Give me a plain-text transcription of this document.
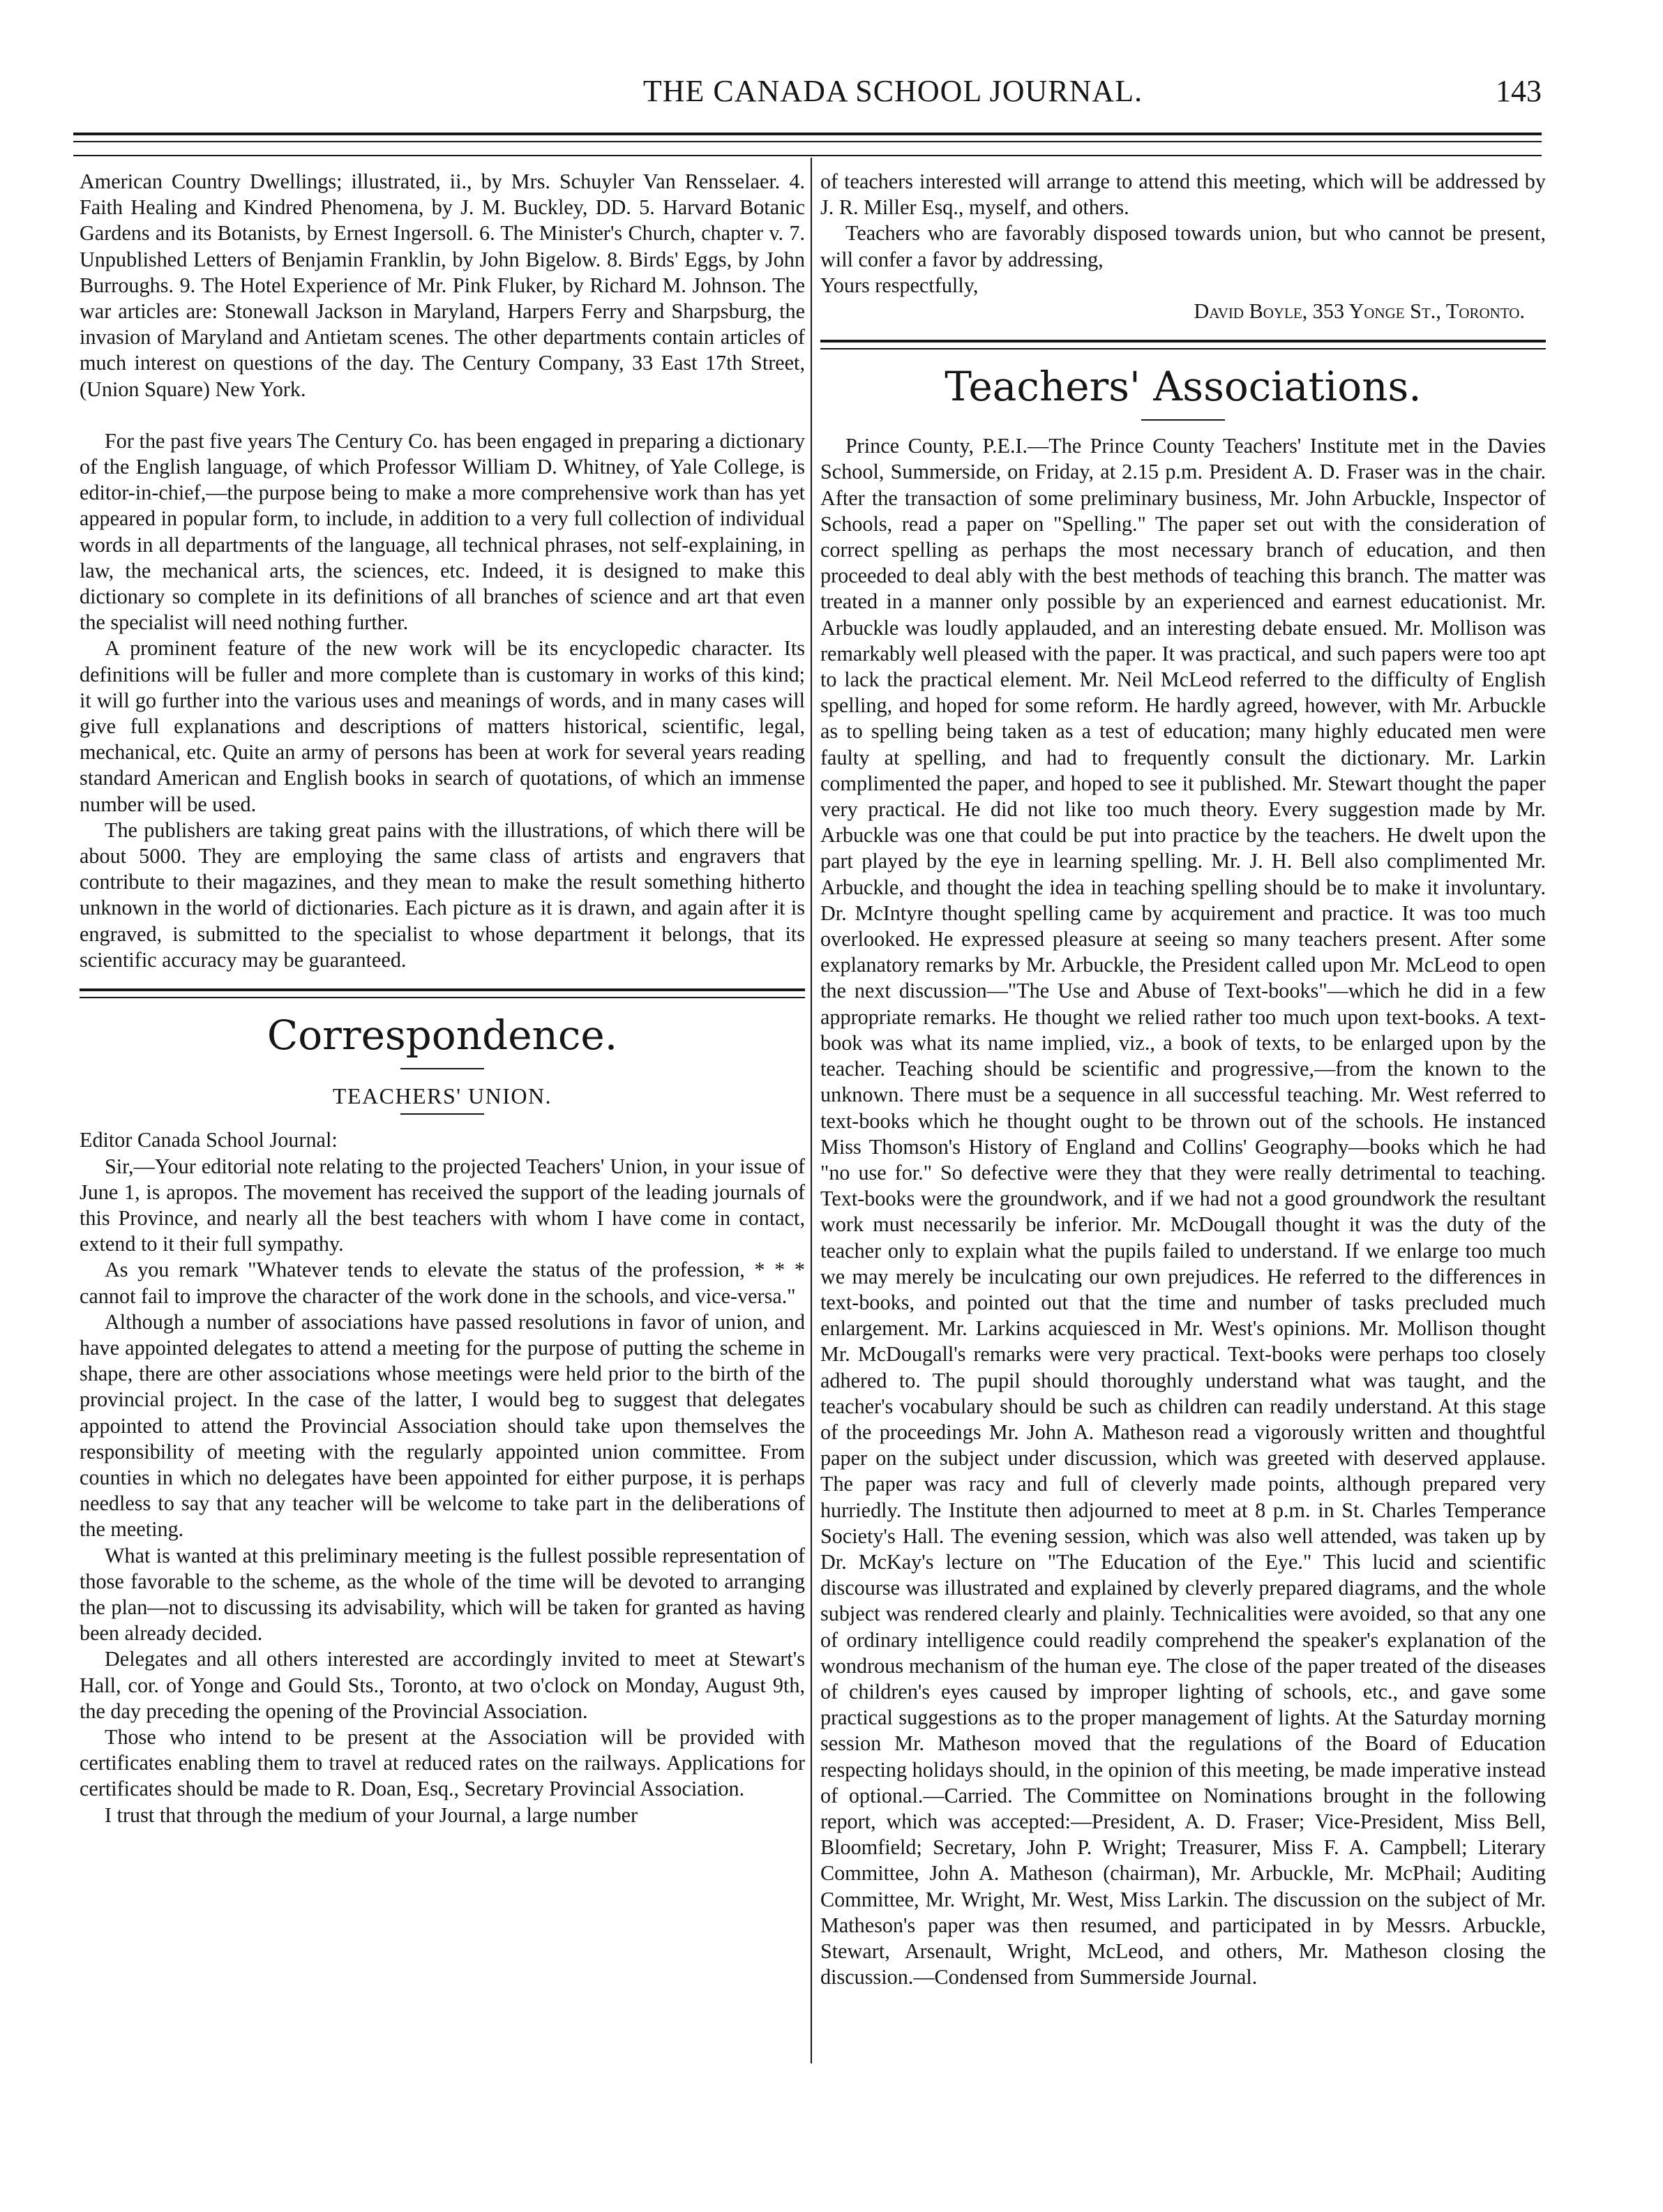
THE CANADA SCHOOL JOURNAL.	143

American Country Dwellings; illustrated, ii., by Mrs. Schuyler Van Rensselaer. 4. Faith Healing and Kindred Phenomena, by J. M. Buckley, DD. 5. Harvard Botanic Gardens and its Botanists, by Ernest Ingersoll. 6. The Minister's Church, chapter v. 7. Unpublished Letters of Benjamin Franklin, by John Bigelow. 8. Birds' Eggs, by John Burroughs. 9. The Hotel Experience of Mr. Pink Fluker, by Richard M. Johnson. The war articles are: Stonewall Jackson in Maryland, Harpers Ferry and Sharpsburg, the invasion of Maryland and Antietam scenes. The other departments contain articles of much interest on questions of the day. The Century Company, 33 East 17th Street, (Union Square) New York.

For the past five years The Century Co. has been engaged in preparing a dictionary of the English language, of which Professor William D. Whitney, of Yale College, is editor-in-chief,—the purpose being to make a more comprehensive work than has yet appeared in popular form, to include, in addition to a very full collection of individual words in all departments of the language, all technical phrases, not self-explaining, in law, the mechanical arts, the sciences, etc. Indeed, it is designed to make this dictionary so complete in its definitions of all branches of science and art that even the specialist will need nothing further.

A prominent feature of the new work will be its encyclopedic character. Its definitions will be fuller and more complete than is customary in works of this kind; it will go further into the various uses and meanings of words, and in many cases will give full explanations and descriptions of matters historical, scientific, legal, mechanical, etc. Quite an army of persons has been at work for several years reading standard American and English books in search of quotations, of which an immense number will be used.

The publishers are taking great pains with the illustrations, of which there will be about 5000. They are employing the same class of artists and engravers that contribute to their magazines, and they mean to make the result something hitherto unknown in the world of dictionaries. Each picture as it is drawn, and again after it is engraved, is submitted to the specialist to whose department it belongs, that its scientific accuracy may be guaranteed.

Correspondence.
TEACHERS' UNION.

Editor Canada School Journal:

Sir,—Your editorial note relating to the projected Teachers' Union, in your issue of June 1, is apropos. The movement has received the support of the leading journals of this Province, and nearly all the best teachers with whom I have come in contact, extend to it their full sympathy.

As you remark "Whatever tends to elevate the status of the profession, * * * cannot fail to improve the character of the work done in the schools, and vice-versa."

Although a number of associations have passed resolutions in favor of union, and have appointed delegates to attend a meeting for the purpose of putting the scheme in shape, there are other associations whose meetings were held prior to the birth of the provincial project. In the case of the latter, I would beg to suggest that delegates appointed to attend the Provincial Association should take upon themselves the responsibility of meeting with the regularly appointed union committee. From counties in which no delegates have been appointed for either purpose, it is perhaps needless to say that any teacher will be welcome to take part in the deliberations of the meeting.

What is wanted at this preliminary meeting is the fullest possible representation of those favorable to the scheme, as the whole of the time will be devoted to arranging the plan—not to discussing its advisability, which will be taken for granted as having been already decided.

Delegates and all others interested are accordingly invited to meet at Stewart's Hall, cor. of Yonge and Gould Sts., Toronto, at two o'clock on Monday, August 9th, the day preceding the opening of the Provincial Association.

Those who intend to be present at the Association will be provided with certificates enabling them to travel at reduced rates on the railways. Applications for certificates should be made to R. Doan, Esq., Secretary Provincial Association.

I trust that through the medium of your Journal, a large number

of teachers interested will arrange to attend this meeting, which will be addressed by J. R. Miller Esq., myself, and others.

Teachers who are favorably disposed towards union, but who cannot be present, will confer a favor by addressing,

Yours respectfully,

David Boyle, 353 Yonge St., Toronto.

Teachers' Associations.

Prince County, P.E.I.—The Prince County Teachers' Institute met in the Davies School, Summerside, on Friday, at 2.15 p.m. President A. D. Fraser was in the chair. After the transaction of some preliminary business, Mr. John Arbuckle, Inspector of Schools, read a paper on "Spelling." The paper set out with the consideration of correct spelling as perhaps the most necessary branch of education, and then proceeded to deal ably with the best methods of teaching this branch. The matter was treated in a manner only possible by an experienced and earnest educationist. Mr. Arbuckle was loudly applauded, and an interesting debate ensued. Mr. Mollison was remarkably well pleased with the paper. It was practical, and such papers were too apt to lack the practical element. Mr. Neil McLeod referred to the difficulty of English spelling, and hoped for some reform. He hardly agreed, however, with Mr. Arbuckle as to spelling being taken as a test of education; many highly educated men were faulty at spelling, and had to frequently consult the dictionary. Mr. Larkin complimented the paper, and hoped to see it published. Mr. Stewart thought the paper very practical. He did not like too much theory. Every suggestion made by Mr. Arbuckle was one that could be put into practice by the teachers. He dwelt upon the part played by the eye in learning spelling. Mr. J. H. Bell also complimented Mr. Arbuckle, and thought the idea in teaching spelling should be to make it involuntary. Dr. McIntyre thought spelling came by acquirement and practice. It was too much overlooked. He expressed pleasure at seeing so many teachers present. After some explanatory remarks by Mr. Arbuckle, the President called upon Mr. McLeod to open the next discussion—"The Use and Abuse of Text-books"—which he did in a few appropriate remarks. He thought we relied rather too much upon text-books. A text-book was what its name implied, viz., a book of texts, to be enlarged upon by the teacher. Teaching should be scientific and progressive,—from the known to the unknown. There must be a sequence in all successful teaching. Mr. West referred to text-books which he thought ought to be thrown out of the schools. He instanced Miss Thomson's History of England and Collins' Geography—books which he had "no use for." So defective were they that they were really detrimental to teaching. Text-books were the groundwork, and if we had not a good groundwork the resultant work must necessarily be inferior. Mr. McDougall thought it was the duty of the teacher only to explain what the pupils failed to understand. If we enlarge too much we may merely be inculcating our own prejudices. He referred to the differences in text-books, and pointed out that the time and number of tasks precluded much enlargement. Mr. Larkins acquiesced in Mr. West's opinions. Mr. Mollison thought Mr. McDougall's remarks were very practical. Text-books were perhaps too closely adhered to. The pupil should thoroughly understand what was taught, and the teacher's vocabulary should be such as children can readily understand. At this stage of the proceedings Mr. John A. Matheson read a vigorously written and thoughtful paper on the subject under discussion, which was greeted with deserved applause. The paper was racy and full of cleverly made points, although prepared very hurriedly. The Institute then adjourned to meet at 8 p.m. in St. Charles Temperance Society's Hall. The evening session, which was also well attended, was taken up by Dr. McKay's lecture on "The Education of the Eye." This lucid and scientific discourse was illustrated and explained by cleverly prepared diagrams, and the whole subject was rendered clearly and plainly. Technicalities were avoided, so that any one of ordinary intelligence could readily comprehend the speaker's explanation of the wondrous mechanism of the human eye. The close of the paper treated of the diseases of children's eyes caused by improper lighting of schools, etc., and gave some practical suggestions as to the proper management of lights. At the Saturday morning session Mr. Matheson moved that the regulations of the Board of Education respecting holidays should, in the opinion of this meeting, be made imperative instead of optional.—Carried. The Committee on Nominations brought in the following report, which was accepted:—President, A. D. Fraser; Vice-President, Miss Bell, Bloomfield; Secretary, John P. Wright; Treasurer, Miss F. A. Campbell; Literary Committee, John A. Matheson (chairman), Mr. Arbuckle, Mr. McPhail; Auditing Committee, Mr. Wright, Mr. West, Miss Larkin. The discussion on the subject of Mr. Matheson's paper was then resumed, and participated in by Messrs. Arbuckle, Stewart, Arsenault, Wright, McLeod, and others, Mr. Matheson closing the discussion.—Condensed from Summerside Journal.
